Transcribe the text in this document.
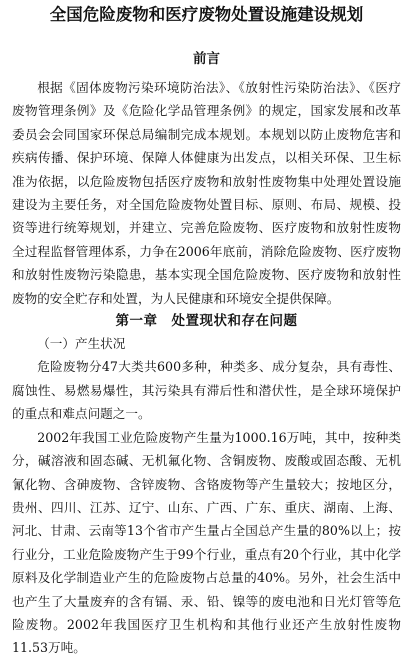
全国危险废物和医疗废物处置设施建设规划
前言

根据《固体废物污染环境防治法》、《放射性污染防治法》、《医疗废物管理条例》及《危险化学品管理条例》的规定，国家发展和改革委员会会同国家环保总局编制完成本规划。本规划以防止废物危害和疾病传播、保护环境、保障人体健康为出发点，以相关环保、卫生标准为依据，以危险废物包括医疗废物和放射性废物集中处理处置设施建设为主要任务，对全国危险废物处置目标、原则、布局、规模、投资等进行统筹规划，并建立、完善危险废物、医疗废物和放射性废物全过程监督管理体系，力争在2006年底前，消除危险废物、医疗废物和放射性废物污染隐患，基本实现全国危险废物、医疗废物和放射性废物的安全贮存和处置，为人民健康和环境安全提供保障。

第一章　处置现状和存在问题

（一）产生状况

危险废物分47大类共600多种，种类多、成分复杂，具有毒性、腐蚀性、易燃易爆性，其污染具有滞后性和潜伏性，是全球环境保护的重点和难点问题之一。

2002年我国工业危险废物产生量为1000.16万吨，其中，按种类分，碱溶液和固态碱、无机氟化物、含铜废物、废酸或固态酸、无机氰化物、含砷废物、含锌废物、含铬废物等产生量较大；按地区分，贵州、四川、江苏、辽宁、山东、广西、广东、重庆、湖南、上海、河北、甘肃、云南等13个省市产生量占全国总产生量的80%以上；按行业分，工业危险废物产生于99个行业，重点有20个行业，其中化学原料及化学制造业产生的危险废物占总量的40%。另外，社会生活中也产生了大量废弃的含有镉、汞、铅、镍等的废电池和日光灯管等危险废物。2002年我国医疗卫生机构和其他行业还产生放射性废物11.53万吨。
